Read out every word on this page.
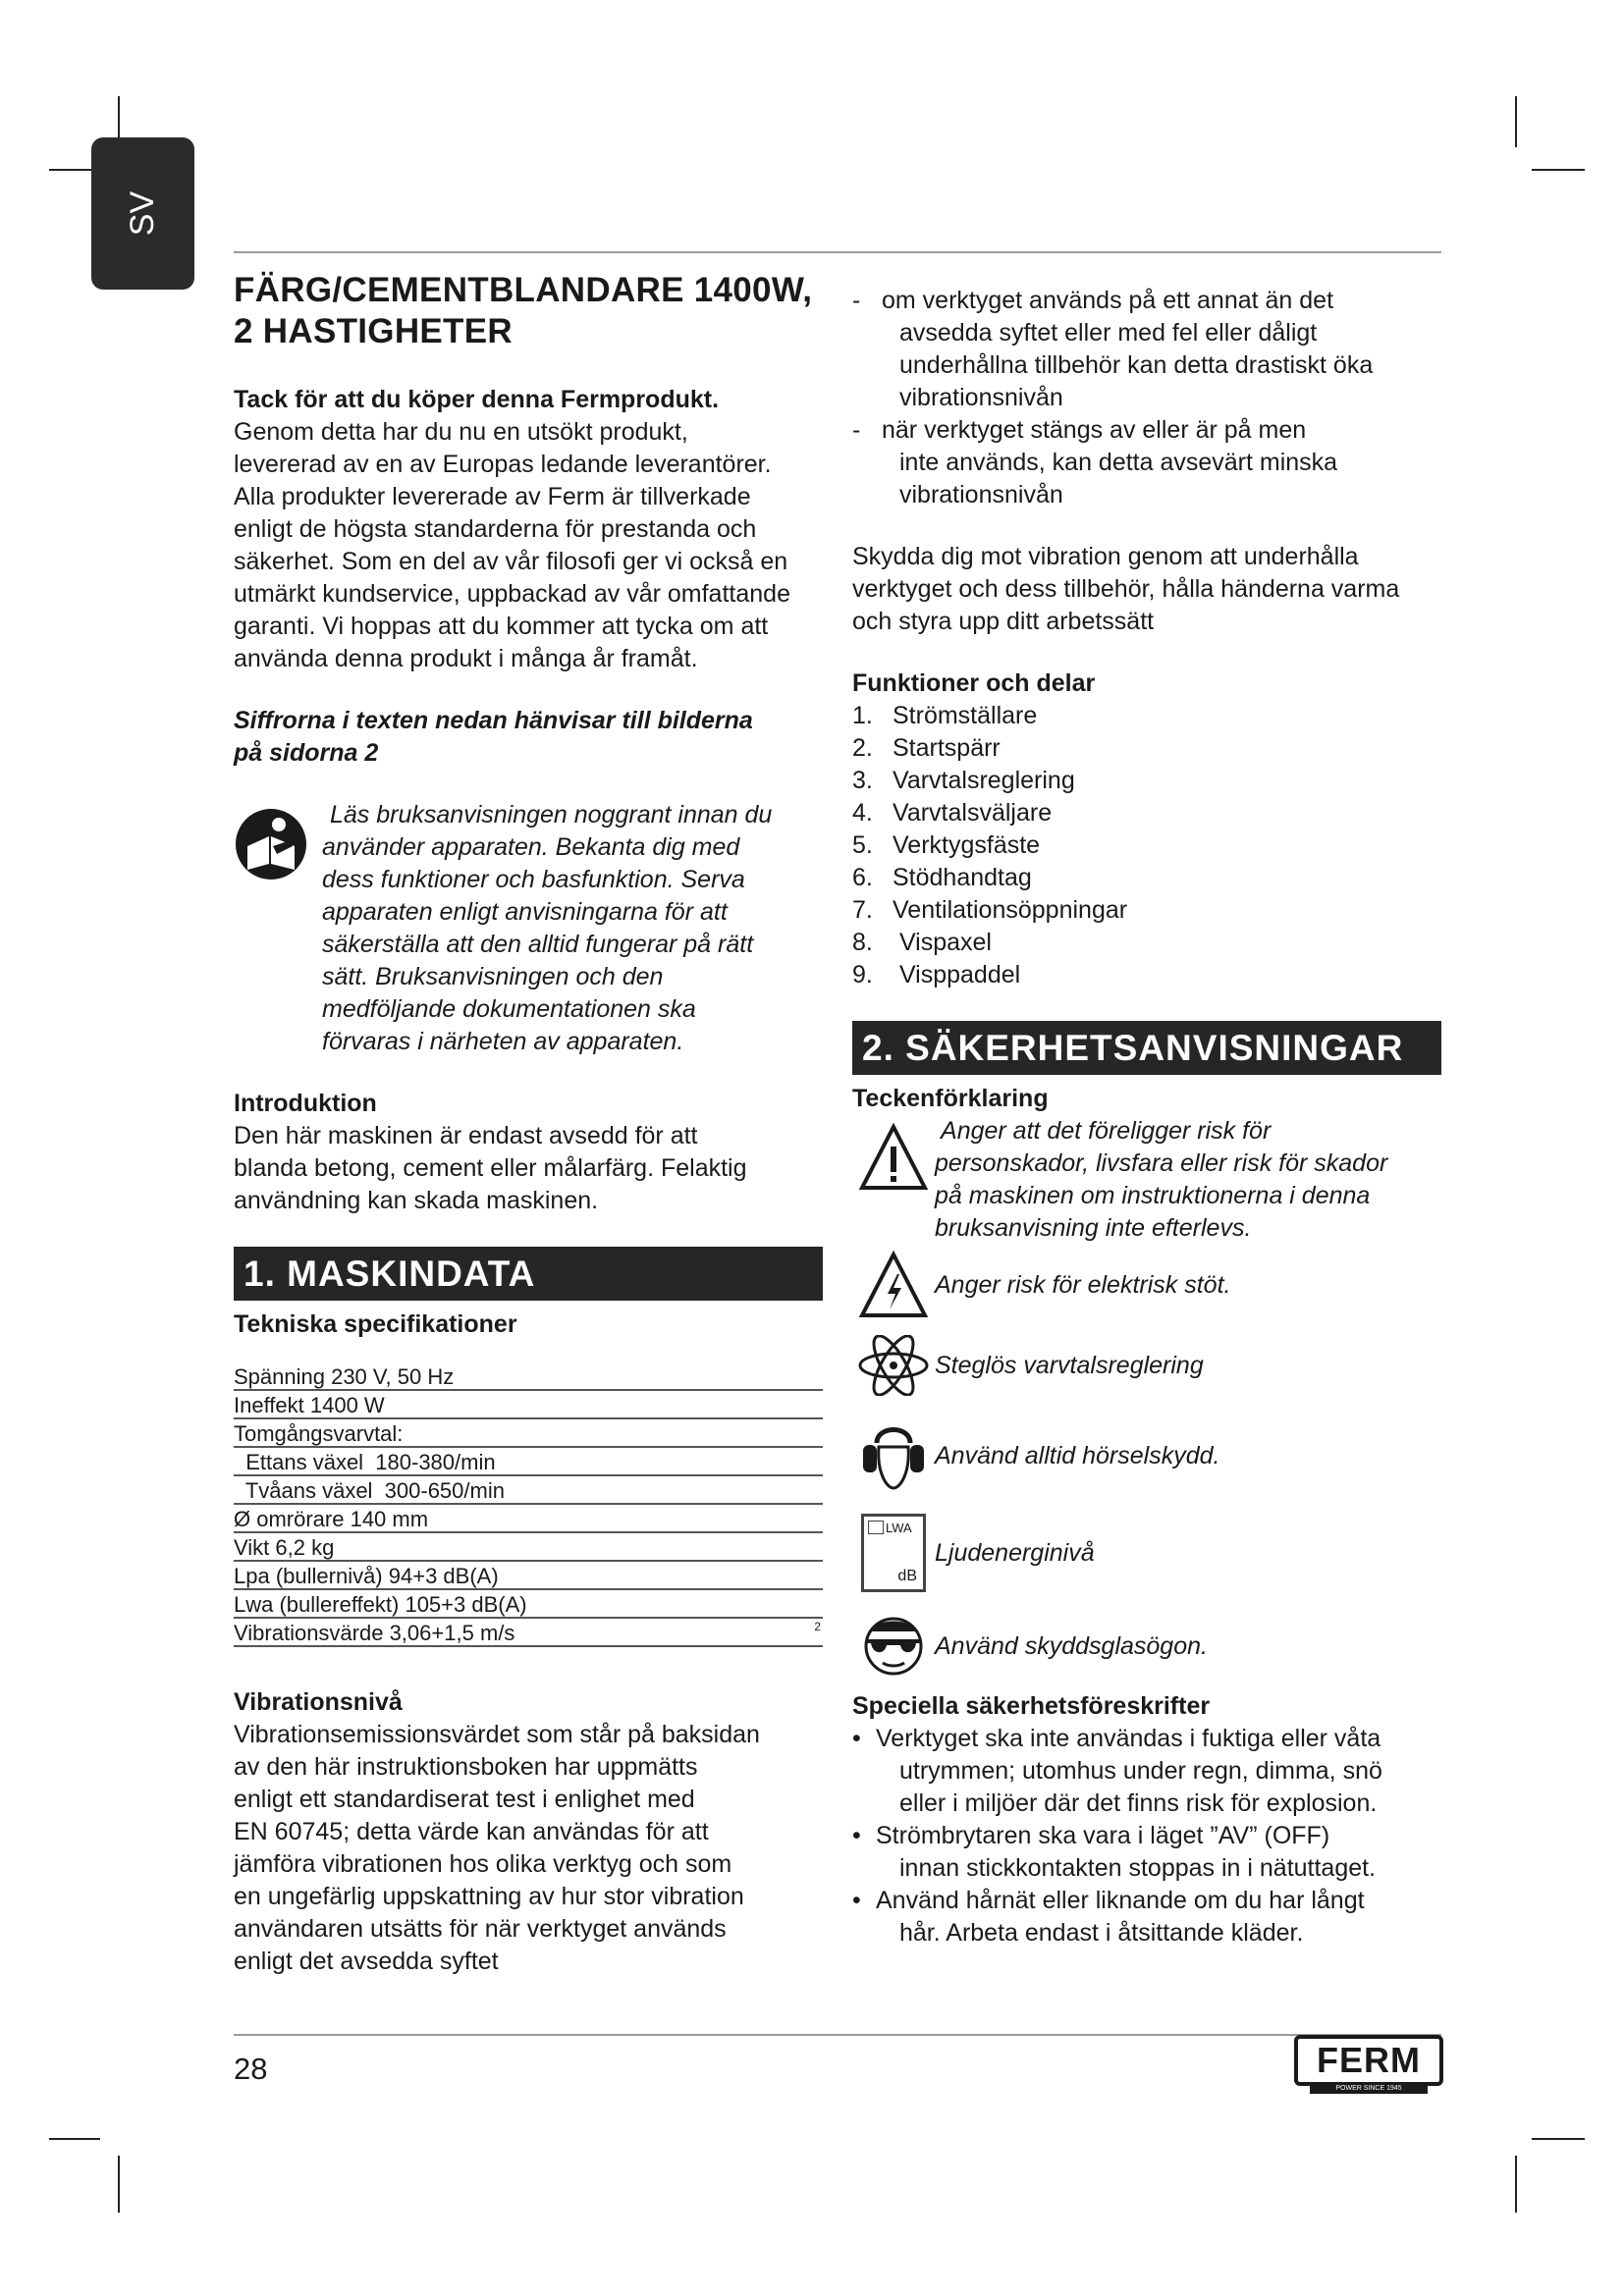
SV
FÄRG/CEMENTBLANDARE 1400W,
2 HASTIGHETER

Tack för att du köper denna Fermprodukt.

Genom detta har du nu en utsökt produkt,

levererad av en av Europas ledande leverantörer.

Alla produkter levererade av Ferm är tillverkade

enligt de högsta standarderna för prestanda och

säkerhet. Som en del av vår filosofi ger vi också en

utmärkt kundservice, uppbackad av vår omfattande

garanti. Vi hoppas att du kommer att tycka om att

använda denna produkt i många år framåt.

Siffrorna i texten nedan hänvisar till bilderna

på sidorna 2

Läs bruksanvisningen noggrant innan du

använder apparaten. Bekanta dig med

dess funktioner och basfunktion. Serva

apparaten enligt anvisningarna för att

säkerställa att den alltid fungerar på rätt

sätt. Bruksanvisningen och den

medföljande dokumentationen ska

förvaras i närheten av apparaten.

Introduktion

Den här maskinen är endast avsedd för att

blanda betong, cement eller målarfärg. Felaktig

användning kan skada maskinen.

1. MASKINDATA

Tekniska specifikationer

Spänning 230 V, 50 Hz
Ineffekt 1400 W
Tomgångsvarvtal:
Ettans växel  180-380/min
Tvåans växel  300-650/min
Ø omrörare 140 mm
Vikt 6,2 kg
Lpa (bullernivå) 94+3 dB(A)
Lwa (bullereffekt) 105+3 dB(A)
Vibrationsvärde 3,06+1,5 m/s	2

Vibrationsnivå

Vibrationsemissionsvärdet som står på baksidan

av den här instruktionsboken har uppmätts

enligt ett standardiserat test i enlighet med

EN 60745; detta värde kan användas för att

jämföra vibrationen hos olika verktyg och som

en ungefärlig uppskattning av hur stor vibration

användaren utsätts för när verktyget används

enligt det avsedda syftet

- om verktyget används på ett annat än det

avsedda syftet eller med fel eller dåligt

underhållna tillbehör kan detta drastiskt öka

vibrationsnivån

- när verktyget stängs av eller är på men

inte används, kan detta avsevärt minska

vibrationsnivån

Skydda dig mot vibration genom att underhålla

verktyget och dess tillbehör, hålla händerna varma

och styra upp ditt arbetssätt

Funktioner och delar

1. Strömställare
2. Startspärr
3. Varvtalsreglering
4. Varvtalsväljare
5. Verktygsfäste
6. Stödhandtag
7. Ventilationsöppningar
8. Vispaxel
9. Visppaddel
2. SÄKERHETSANVISNINGAR

Teckenförklaring

Anger att det föreligger risk för

personskador, livsfara eller risk för skador

på maskinen om instruktionerna i denna

bruksanvisning inte efterlevs.

Anger risk för elektrisk stöt.

Steglös varvtalsreglering

Använd alltid hörselskydd.

LWA
dB

Ljudenerginivå

Använd skyddsglasögon.

Speciella säkerhetsföreskrifter

• Verktyget ska inte användas i fuktiga eller våta

utrymmen; utomhus under regn, dimma, snö

eller i miljöer där det finns risk för explosion.

• Strömbrytaren ska vara i läget ”AV” (OFF)

innan stickkontakten stoppas in i nätuttaget.

• Använd hårnät eller liknande om du har långt

hår. Arbeta endast i åtsittande kläder.

28	FERM
POWER SINCE 1945
